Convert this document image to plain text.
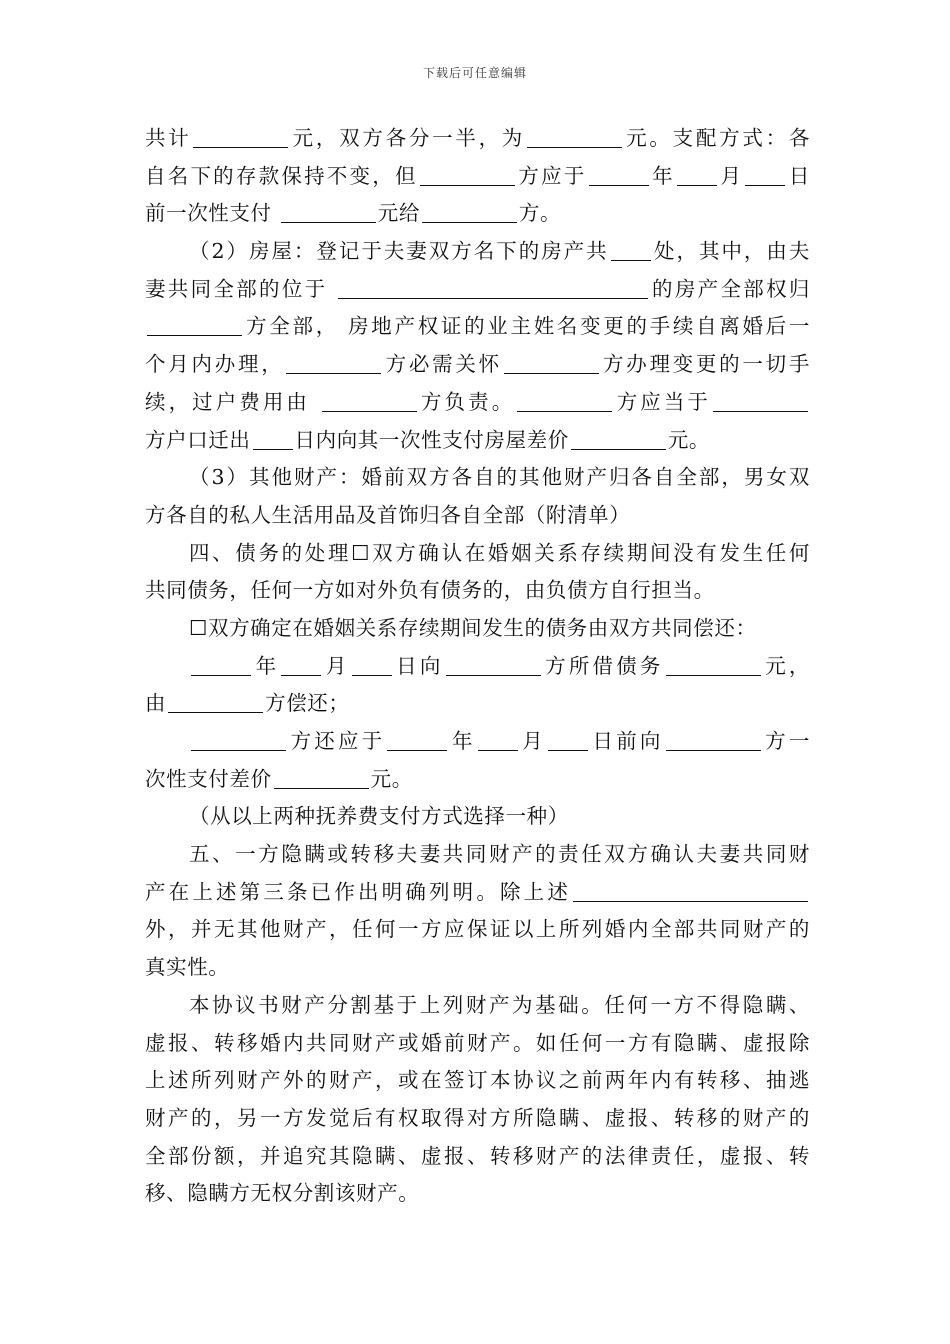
下载后可任意编辑
共计	元，双方各分一半，为	元。支配方式：各
自名下的存款保持不变，但	方应于	年 月 日
前一次性支付	元给	方。
（2）房屋：登记于夫妻双方名下的房产共 处，其中，由夫
妻共同全部的位于	的房产全部权归
方全部， 房地产权证的业主姓名变更的手续自离婚后一
个月内办理，	方必需关怀	方办理变更的一切手
续，过户费用由	方负责。	方应当于
方户口迁出 日内向其一次性支付房屋差价	元。
（3）其他财产：婚前双方各自的其他财产归各自全部，男女双
方各自的私人生活用品及首饰归各自全部（附清单）
四、债务的处理☐双方确认在婚姻关系存续期间没有发生任何
共同债务，任何一方如对外负有债务的，由负债方自行担当。
☐双方确定在婚姻关系存续期间发生的债务由双方共同偿还：
年 月 日向	方所借债务	元，
由	方偿还；
方还应于	年 月 日前向	方一
次性支付差价	元。
（从以上两种抚养费支付方式选择一种）
五、一方隐瞒或转移夫妻共同财产的责任双方确认夫妻共同财
产在上述第三条已作出明确列明。除上述
外，并无其他财产，任何一方应保证以上所列婚内全部共同财产的
真实性。
本协议书财产分割基于上列财产为基础。任何一方不得隐瞒、
虚报、转移婚内共同财产或婚前财产。如任何一方有隐瞒、虚报除
上述所列财产外的财产，或在签订本协议之前两年内有转移、抽逃
财产的，另一方发觉后有权取得对方所隐瞒、虚报、转移的财产的
全部份额，并追究其隐瞒、虚报、转移财产的法律责任，虚报、转
移、隐瞒方无权分割该财产。
